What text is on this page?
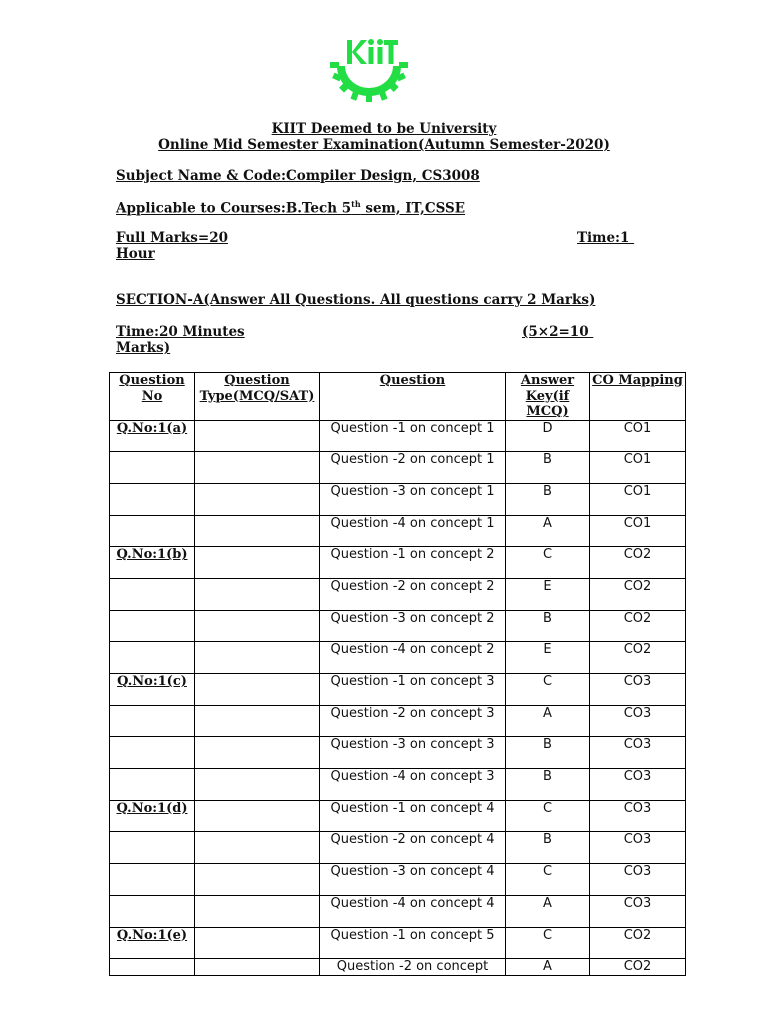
KIIT Deemed to be University
Online Mid Semester Examination(Autumn Semester-2020)
Subject Name & Code:Compiler Design, CS3008
Applicable to Courses:B.Tech 5th sem, IT,CSSE
Full Marks=20	Time:1
Hour
SECTION-A(Answer All Questions. All questions carry 2 Marks)
Time:20 Minutes	(5×2=10
Marks)
Question No	Question Type(MCQ/SAT)	Question	Answer Key(if MCQ)	CO Mapping
Q.No:1(a)		Question -1 on concept 1	D	CO1
		Question -2 on concept 1	B	CO1
		Question -3 on concept 1	B	CO1
		Question -4 on concept 1	A	CO1
Q.No:1(b)		Question -1 on concept 2	C	CO2
		Question -2 on concept 2	E	CO2
		Question -3 on concept 2	B	CO2
		Question -4 on concept 2	E	CO2
Q.No:1(c)		Question -1 on concept 3	C	CO3
		Question -2 on concept 3	A	CO3
		Question -3 on concept 3	B	CO3
		Question -4 on concept 3	B	CO3
Q.No:1(d)		Question -1 on concept 4	C	CO3
		Question -2 on concept 4	B	CO3
		Question -3 on concept 4	C	CO3
		Question -4 on concept 4	A	CO3
Q.No:1(e)		Question -1 on concept 5	C	CO2
		Question -2 on concept	A	CO2
